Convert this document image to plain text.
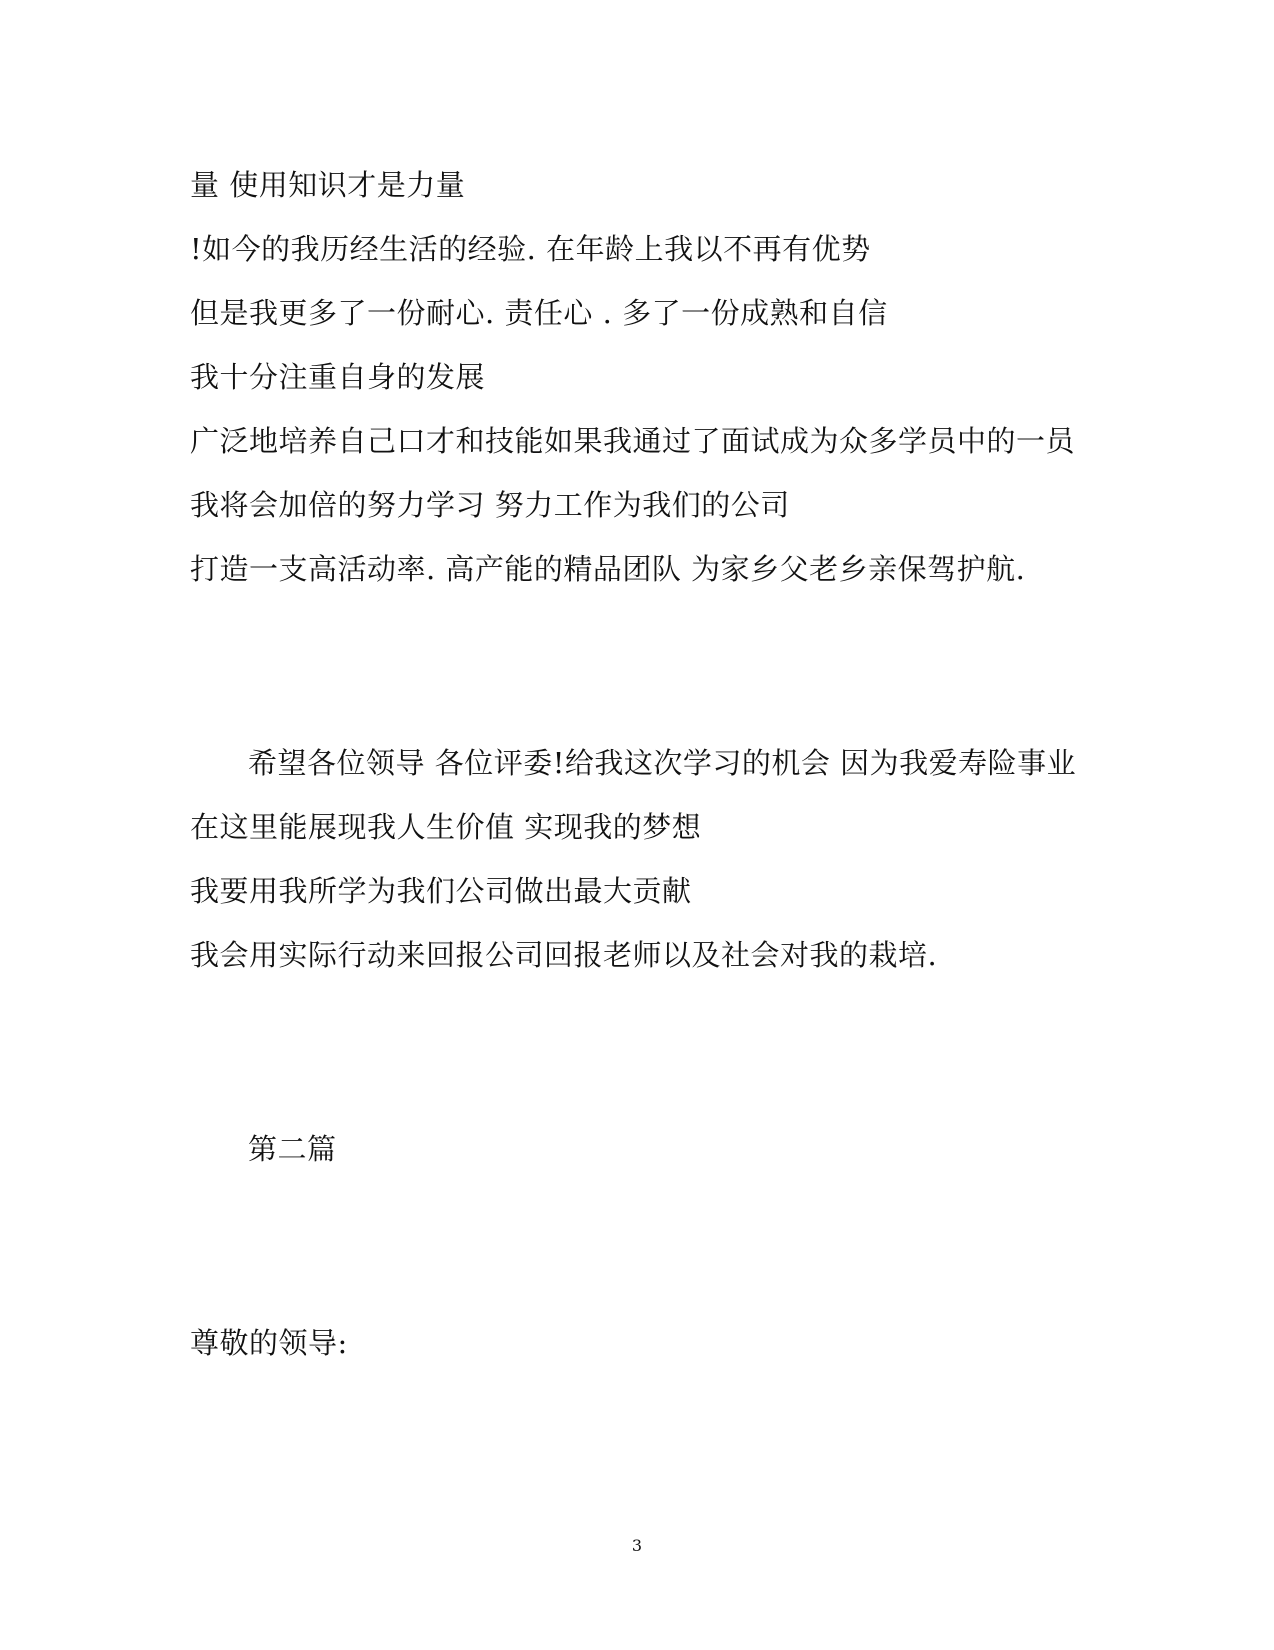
量 使用知识才是力量
!如今的我历经生活的经验. 在年龄上我以不再有优势
但是我更多了一份耐心. 责任心 . 多了一份成熟和自信
我十分注重自身的发展
广泛地培养自己口才和技能如果我通过了面试成为众多学员中的一员
我将会加倍的努力学习 努力工作为我们的公司
打造一支高活动率. 高产能的精品团队 为家乡父老乡亲保驾护航.
希望各位领导 各位评委!给我这次学习的机会 因为我爱寿险事业
在这里能展现我人生价值 实现我的梦想
我要用我所学为我们公司做出最大贡献
我会用实际行动来回报公司回报老师以及社会对我的栽培.
第二篇
尊敬的领导:
3
